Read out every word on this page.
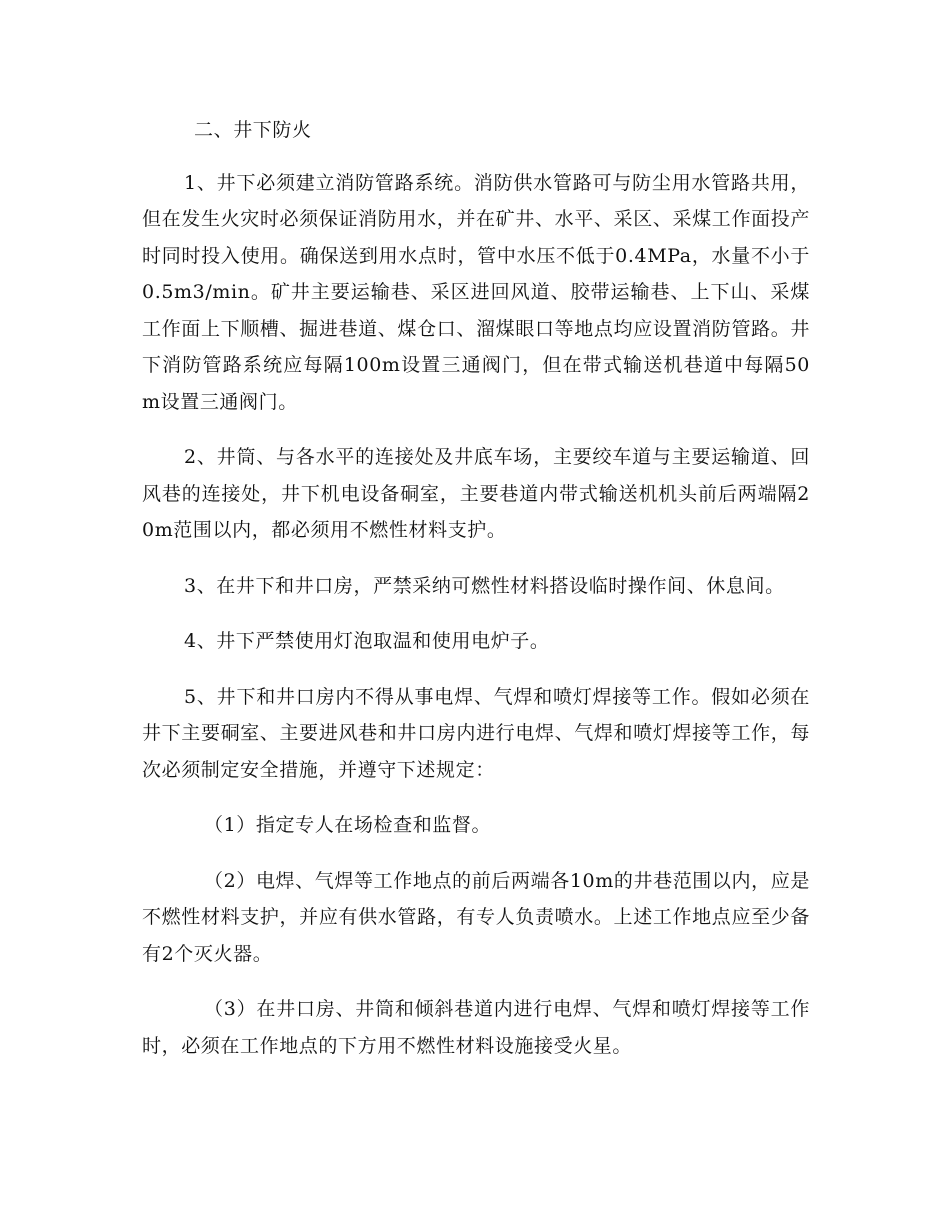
二、井下防火

1、井下必须建立消防管路系统。消防供水管路可与防尘用水管路共用，但在发生火灾时必须保证消防用水，并在矿井、水平、采区、采煤工作面投产时同时投入使用。确保送到用水点时，管中水压不低于0.4MPa，水量不小于0.5m3/min。矿井主要运输巷、采区进回风道、胶带运输巷、上下山、采煤工作面上下顺槽、掘进巷道、煤仓口、溜煤眼口等地点均应设置消防管路。井下消防管路系统应每隔100m设置三通阀门，但在带式输送机巷道中每隔50m设置三通阀门。

2、井筒、与各水平的连接处及井底车场，主要绞车道与主要运输道、回风巷的连接处，井下机电设备硐室，主要巷道内带式输送机机头前后两端隔20m范围以内，都必须用不燃性材料支护。

3、在井下和井口房，严禁采纳可燃性材料搭设临时操作间、休息间。

4、井下严禁使用灯泡取温和使用电炉子。

5、井下和井口房内不得从事电焊、气焊和喷灯焊接等工作。假如必须在井下主要硐室、主要进风巷和井口房内进行电焊、气焊和喷灯焊接等工作，每次必须制定安全措施，并遵守下述规定：

（1）指定专人在场检查和监督。

（2）电焊、气焊等工作地点的前后两端各10m的井巷范围以内，应是不燃性材料支护，并应有供水管路，有专人负责喷水。上述工作地点应至少备有2个灭火器。

（3）在井口房、井筒和倾斜巷道内进行电焊、气焊和喷灯焊接等工作时，必须在工作地点的下方用不燃性材料设施接受火星。
